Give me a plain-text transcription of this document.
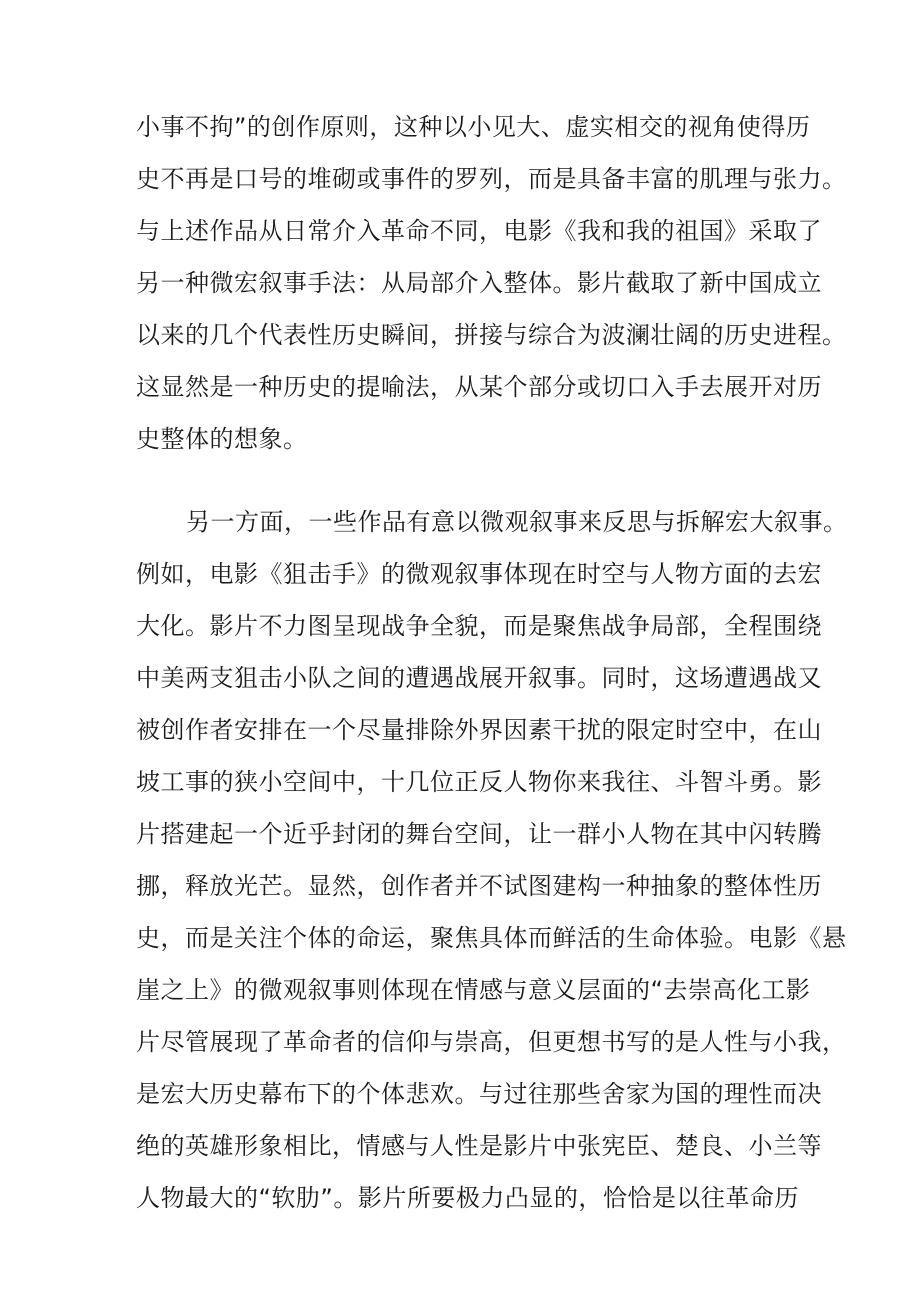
小事不拘”的创作原则，这种以小见大、虚实相交的视角使得历
史不再是口号的堆砌或事件的罗列，而是具备丰富的肌理与张力。
与上述作品从日常介入革命不同，电影《我和我的祖国》采取了
另一种微宏叙事手法：从局部介入整体。影片截取了新中国成立
以来的几个代表性历史瞬间，拼接与综合为波澜壮阔的历史进程。
这显然是一种历史的提喻法，从某个部分或切口入手去展开对历
史整体的想象。
另一方面，一些作品有意以微观叙事来反思与拆解宏大叙事。
例如，电影《狙击手》的微观叙事体现在时空与人物方面的去宏
大化。影片不力图呈现战争全貌，而是聚焦战争局部，全程围绕
中美两支狙击小队之间的遭遇战展开叙事。同时，这场遭遇战又
被创作者安排在一个尽量排除外界因素干扰的限定时空中，在山
坡工事的狭小空间中，十几位正反人物你来我往、斗智斗勇。影
片搭建起一个近乎封闭的舞台空间，让一群小人物在其中闪转腾
挪，释放光芒。显然，创作者并不试图建构一种抽象的整体性历
史，而是关注个体的命运，聚焦具体而鲜活的生命体验。电影《悬
崖之上》的微观叙事则体现在情感与意义层面的“去崇高化工影
片尽管展现了革命者的信仰与崇高，但更想书写的是人性与小我，
是宏大历史幕布下的个体悲欢。与过往那些舍家为国的理性而决
绝的英雄形象相比，情感与人性是影片中张宪臣、楚良、小兰等
人物最大的“软肋”。影片所要极力凸显的，恰恰是以往革命历
